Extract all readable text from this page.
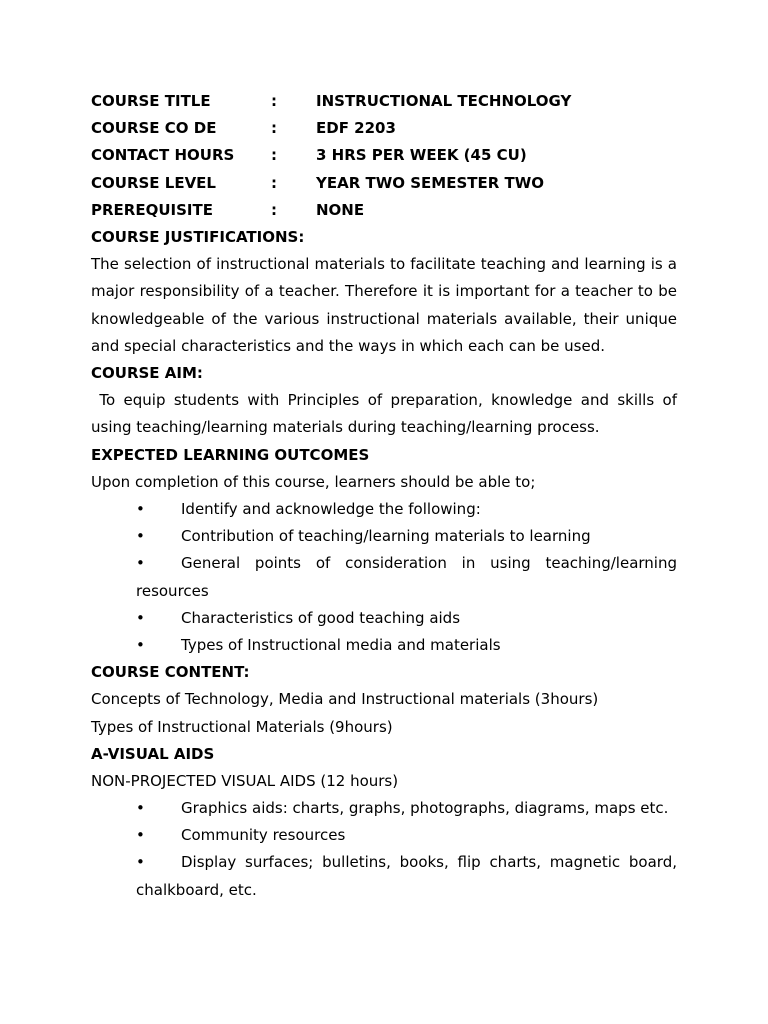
COURSE TITLE	:	INSTRUCTIONAL TECHNOLOGY
COURSE CO DE	:	EDF 2203
CONTACT HOURS	:	3 HRS PER WEEK (45 CU)
COURSE LEVEL	:	YEAR TWO SEMESTER TWO
PREREQUISITE	:	NONE
COURSE JUSTIFICATIONS:

The selection of instructional materials to facilitate teaching and learning is a major responsibility of a teacher. Therefore it is important for a teacher to be knowledgeable of the various instructional materials available, their unique and special characteristics and the ways in which each can be used.

COURSE AIM:

To equip students with Principles of preparation, knowledge and skills of using teaching/learning materials during teaching/learning process.

EXPECTED LEARNING OUTCOMES
Upon completion of this course, learners should be able to;
•	Identify and acknowledge the following:
•	Contribution of teaching/learning materials to learning
• General points of consideration in using teaching/learning resources
•	Characteristics of good teaching aids
•	Types of Instructional media and materials
COURSE CONTENT:
Concepts of Technology, Media and Instructional materials (3hours)
Types of Instructional Materials (9hours)
A-VISUAL AIDS
NON-PROJECTED VISUAL AIDS (12 hours)
•	Graphics aids: charts, graphs, photographs, diagrams, maps etc.
•	Community resources
• Display surfaces; bulletins, books, flip charts, magnetic board, chalkboard, etc.
